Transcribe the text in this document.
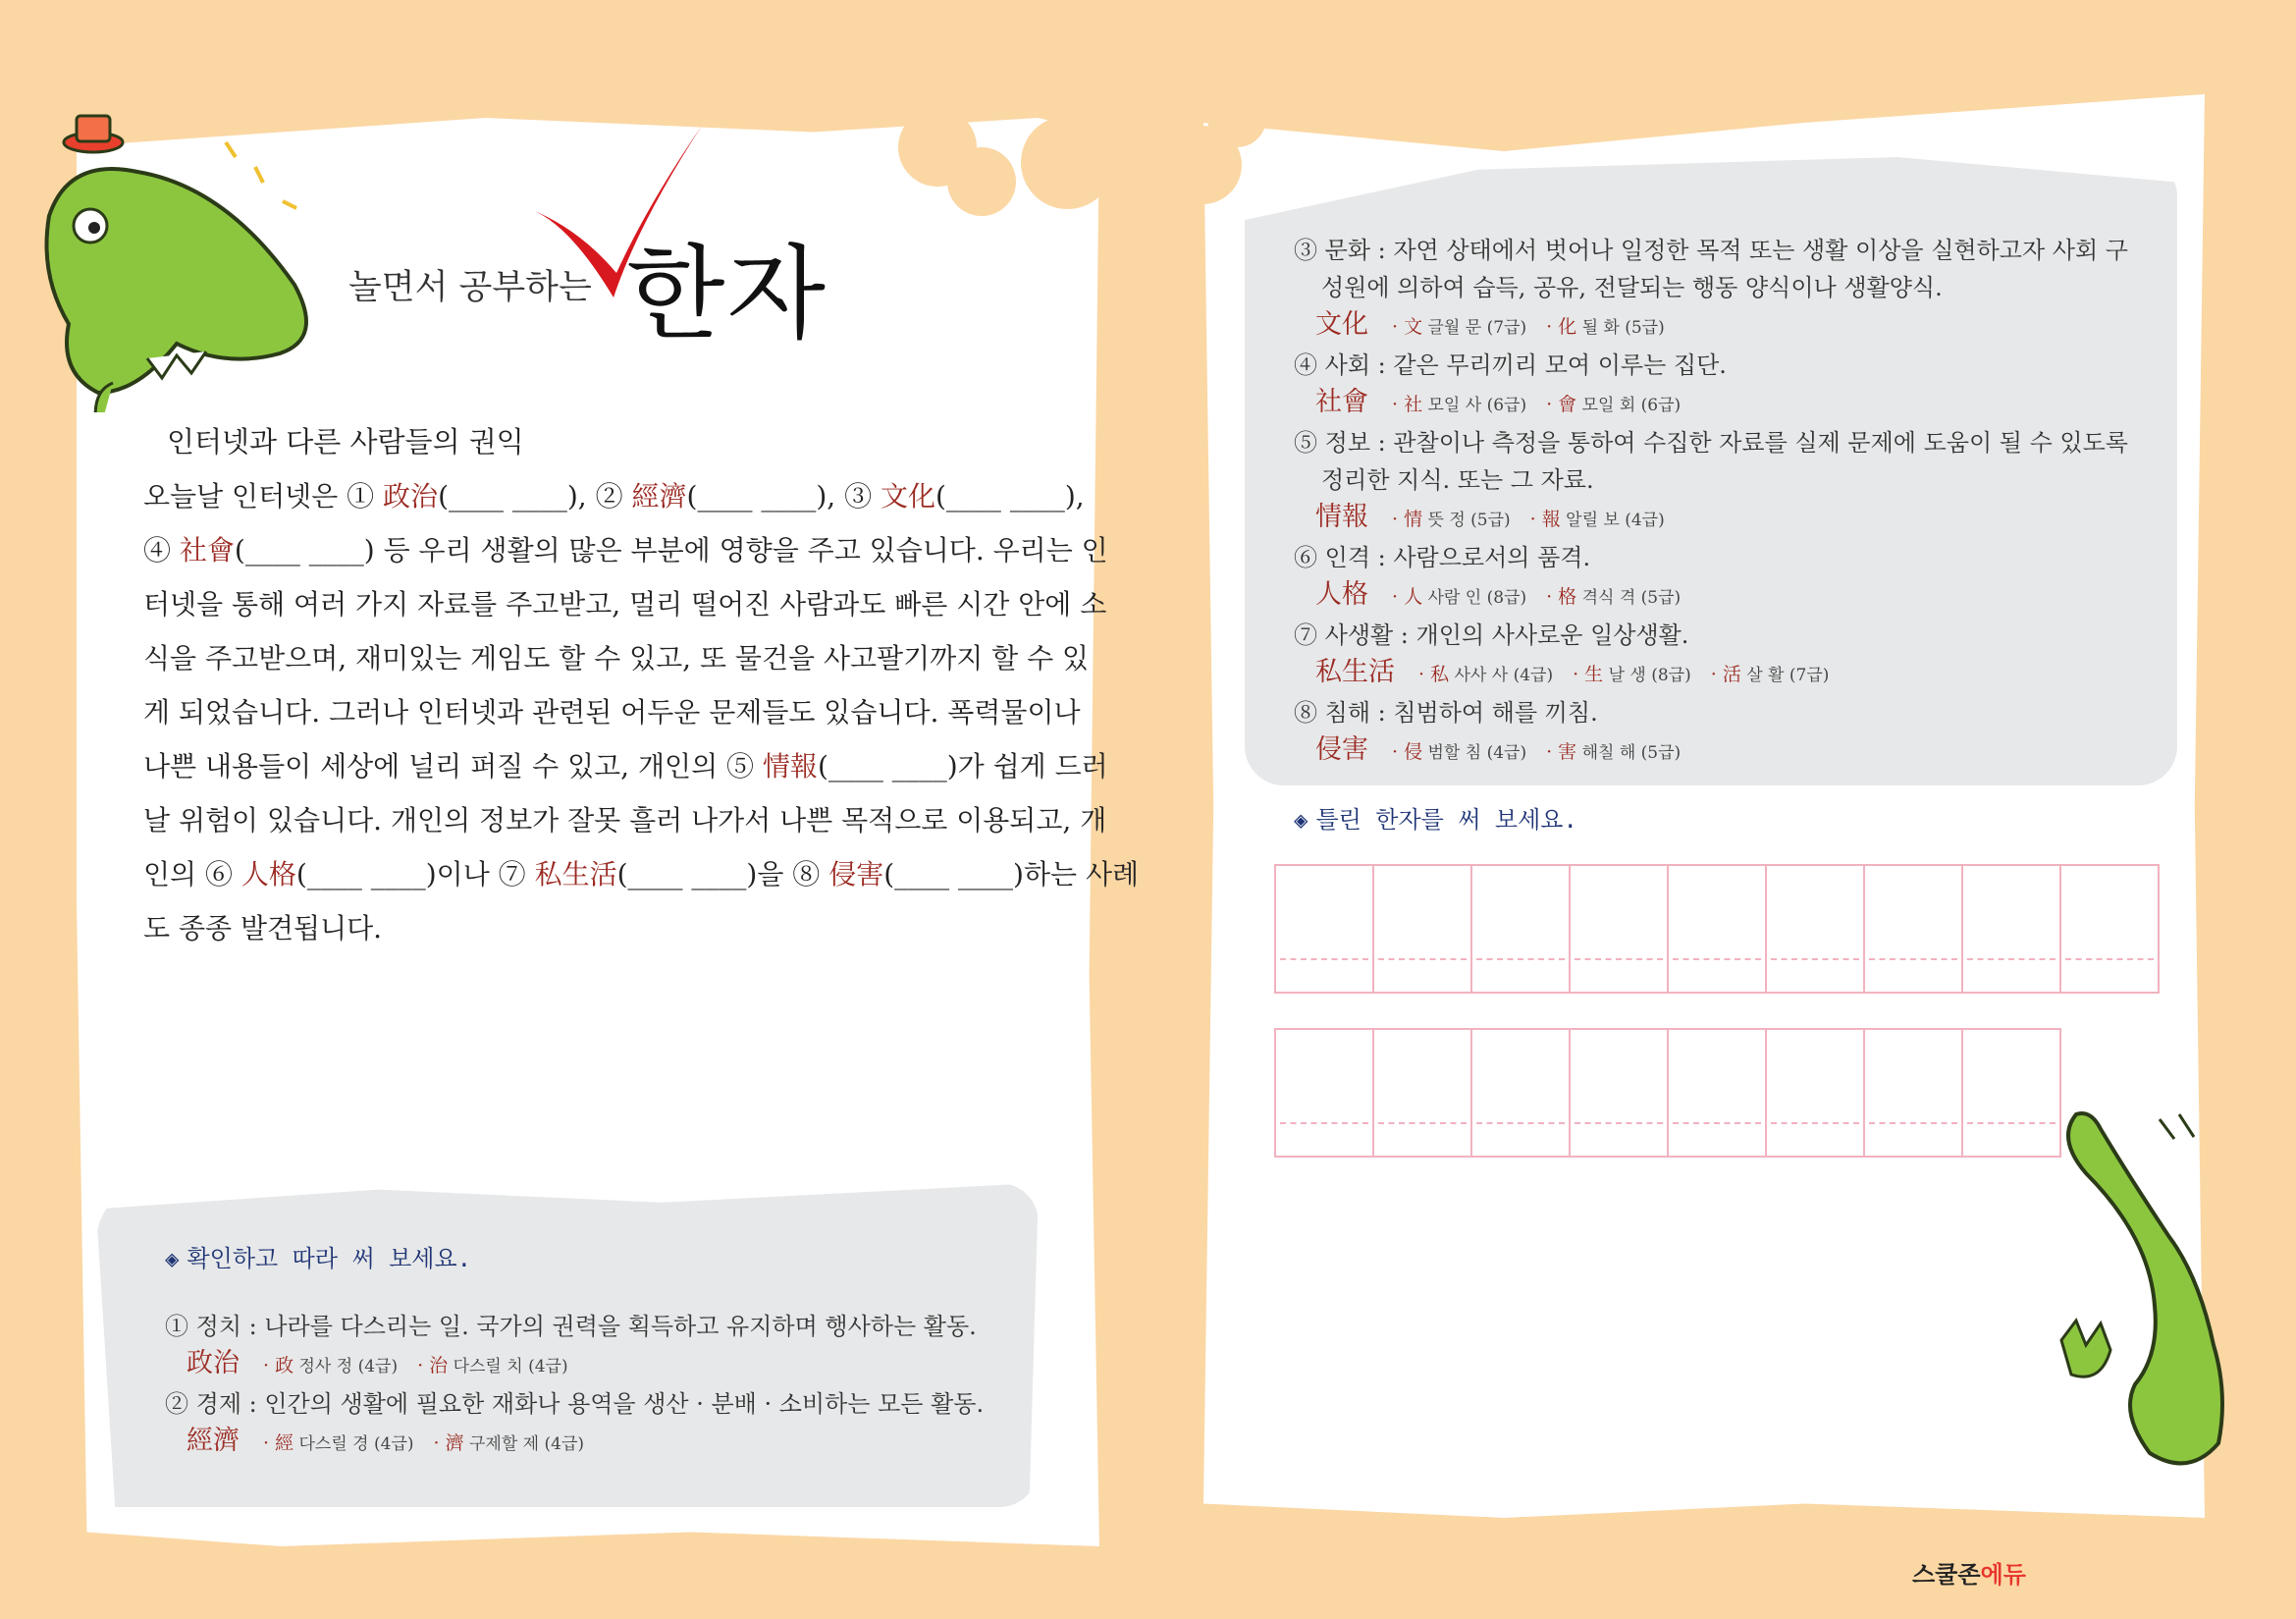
놀면서 공부하는 한자
인터넷과 다른 사람들의 권익
오늘날 인터넷은 ① 政治(____ ____), ② 經濟(____ ____), ③ 文化(____ ____),
④ 社會(____ ____) 등 우리 생활의 많은 부분에 영향을 주고 있습니다. 우리는 인
터넷을 통해 여러 가지 자료를 주고받고, 멀리 떨어진 사람과도 빠른 시간 안에 소
식을 주고받으며, 재미있는 게임도 할 수 있고, 또 물건을 사고팔기까지 할 수 있
게 되었습니다. 그러나 인터넷과 관련된 어두운 문제들도 있습니다. 폭력물이나
나쁜 내용들이 세상에 널리 퍼질 수 있고, 개인의 ⑤ 情報(____ ____)가 쉽게 드러
날 위험이 있습니다. 개인의 정보가 잘못 흘러 나가서 나쁜 목적으로 이용되고, 개
인의 ⑥ 人格(____ ____)이나 ⑦ 私生活(____ ____)을 ⑧ 侵害(____ ____)하는 사례
도 종종 발견됩니다.
◈ 확인하고 따라 써 보세요.
① 정치 : 나라를 다스리는 일. 국가의 권력을 획득하고 유지하며 행사하는 활동.
政治 · 政 정사 정 (4급) · 治 다스릴 치 (4급)
② 경제 : 인간의 생활에 필요한 재화나 용역을 생산 · 분배 · 소비하는 모든 활동.
經濟 · 經 다스릴 경 (4급) · 濟 구제할 제 (4급)
③ 문화 : 자연 상태에서 벗어나 일정한 목적 또는 생활 이상을 실현하고자 사회 구
성원에 의하여 습득, 공유, 전달되는 행동 양식이나 생활양식.
文化 · 文 글월 문 (7급) · 化 될 화 (5급)
④ 사회 : 같은 무리끼리 모여 이루는 집단.
社會 · 社 모일 사 (6급) · 會 모일 회 (6급)
⑤ 정보 : 관찰이나 측정을 통하여 수집한 자료를 실제 문제에 도움이 될 수 있도록
정리한 지식. 또는 그 자료.
情報 · 情 뜻 정 (5급) · 報 알릴 보 (4급)
⑥ 인격 : 사람으로서의 품격.
人格 · 人 사람 인 (8급) · 格 격식 격 (5급)
⑦ 사생활 : 개인의 사사로운 일상생활.
私生活 · 私 사사 사 (4급) · 生 날 생 (8급) · 活 살 활 (7급)
⑧ 침해 : 침범하여 해를 끼침.
侵害 · 侵 범할 침 (4급) · 害 해칠 해 (5급)
◈ 틀린 한자를 써 보세요.
스쿨존에듀
